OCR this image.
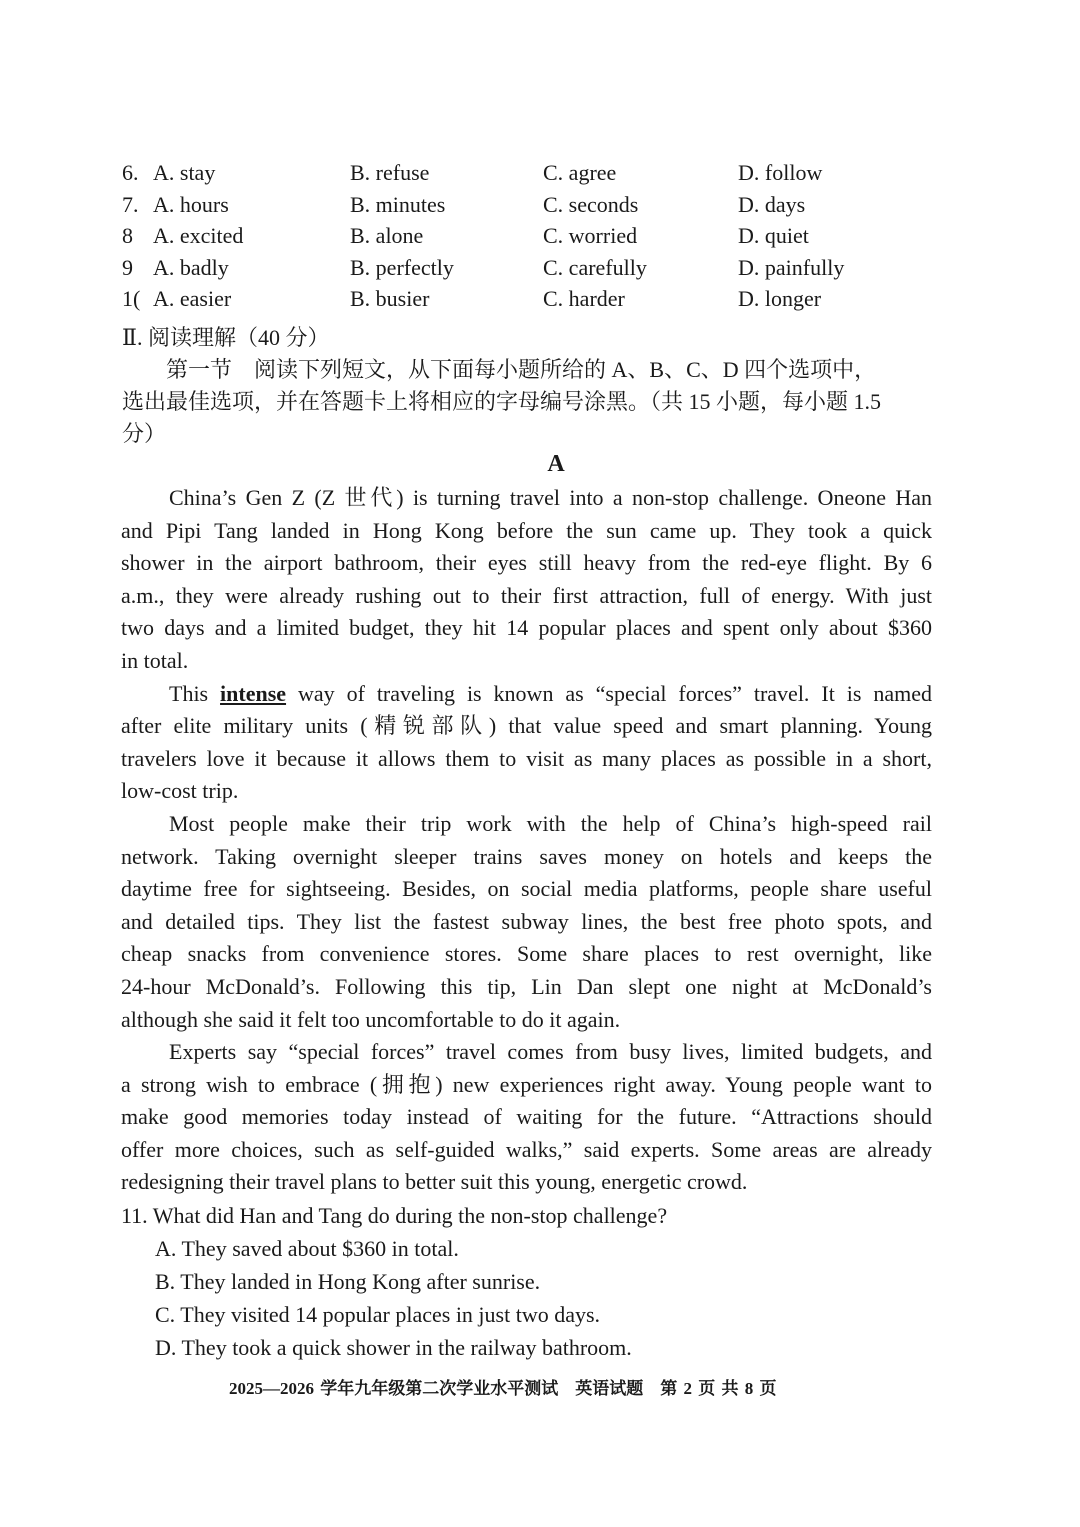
6. A. stay	B. refuse	C. agree	D. follow
7. A. hours	B. minutes	C. seconds	D. days
8 A. excited	B. alone	C. worried	D. quiet
9 A. badly	B. perfectly	C. carefully	D. painfully
1( A. easier	B. busier	C. harder	D. longer
Ⅱ. 阅读理解（40 分）
　　第一节　阅读下列短文，从下面每小题所给的 A、B、C、D 四个选项中，
选出最佳选项，并在答题卡上将相应的字母编号涂黑。（共 15 小题，每小题 1.5
分）
A
China’s Gen Z (Z 世代) is turning travel into a non-stop challenge. Oneone Han
and Pipi Tang landed in Hong Kong before the sun came up. They took a quick
shower in the airport bathroom, their eyes still heavy from the red-eye flight. By 6
a.m., they were already rushing out to their first attraction, full of energy. With just
two days and a limited budget, they hit 14 popular places and spent only about $360
in total.
This intense way of traveling is known as “special forces” travel. It is named
after elite military units (精锐部队) that value speed and smart planning. Young
travelers love it because it allows them to visit as many places as possible in a short,
low-cost trip.
Most people make their trip work with the help of China’s high-speed rail
network. Taking overnight sleeper trains saves money on hotels and keeps the
daytime free for sightseeing. Besides, on social media platforms, people share useful
and detailed tips. They list the fastest subway lines, the best free photo spots, and
cheap snacks from convenience stores. Some share places to rest overnight, like
24-hour McDonald’s. Following this tip, Lin Dan slept one night at McDonald’s
although she said it felt too uncomfortable to do it again.
Experts say “special forces” travel comes from busy lives, limited budgets, and
a strong wish to embrace (拥抱) new experiences right away. Young people want to
make good memories today instead of waiting for the future. “Attractions should
offer more choices, such as self-guided walks,” said experts. Some areas are already
redesigning their travel plans to better suit this young, energetic crowd.
11. What did Han and Tang do during the non-stop challenge?
A. They saved about $360 in total.
B. They landed in Hong Kong after sunrise.
C. They visited 14 popular places in just two days.
D. They took a quick shower in the railway bathroom.
2025—2026 学年九年级第二次学业水平测试　英语试题　第 2 页 共 8 页
